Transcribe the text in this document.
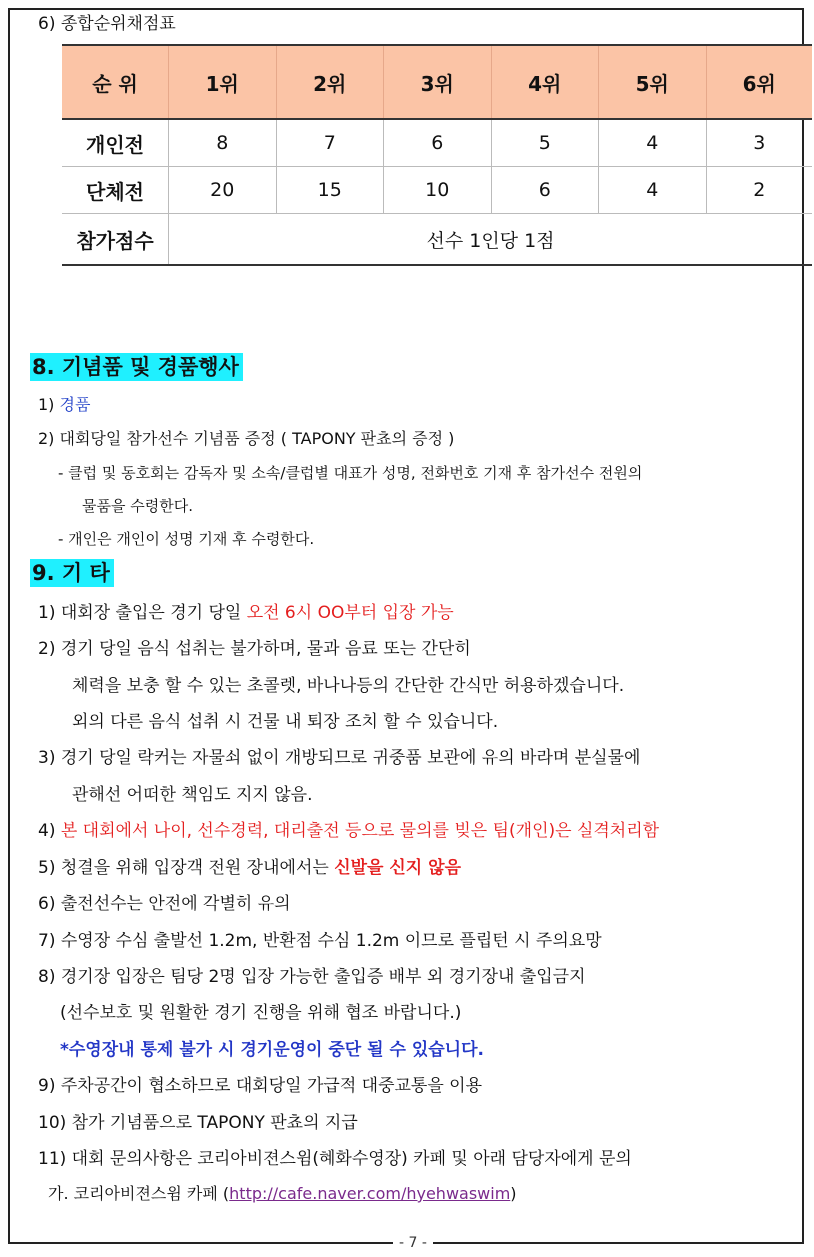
6) 종합순위채점표
순 위	1위	2위	3위	4위	5위	6위
개인전	8	7	6	5	4	3
단체전	20	15	10	6	4	2
참가점수	선수 1인당 1점					
8. 기념품 및 경품행사
1) 경품
2) 대회당일 참가선수 기념품 증정 ( TAPONY 판쵸의 증정 )
- 클럽 및 동호회는 감독자 및 소속/클럽별 대표가 성명, 전화번호 기재 후 참가선수 전원의
물품을 수령한다.
- 개인은 개인이 성명 기재 후 수령한다.
9. 기 타
1) 대회장 출입은 경기 당일 오전 6시 OO부터 입장 가능
2) 경기 당일 음식 섭취는 불가하며, 물과 음료 또는 간단히
체력을 보충 할 수 있는 초콜렛, 바나나등의 간단한 간식만 허용하겠습니다.
외의 다른 음식 섭취 시 건물 내 퇴장 조치 할 수 있습니다.
3) 경기 당일 락커는 자물쇠 없이 개방되므로 귀중품 보관에 유의 바라며 분실물에
관해선 어떠한 책임도 지지 않음.
4) 본 대회에서 나이, 선수경력, 대리출전 등으로 물의를 빚은 팀(개인)은 실격처리함
5) 청결을 위해 입장객 전원 장내에서는 신발을 신지 않음
6) 출전선수는 안전에 각별히 유의
7) 수영장 수심 출발선 1.2m, 반환점 수심 1.2m 이므로 플립턴 시 주의요망
8) 경기장 입장은 팀당 2명 입장 가능한 출입증 배부 외 경기장내 출입금지
(선수보호 및 원활한 경기 진행을 위해 협조 바랍니다.)
*수영장내 통제 불가 시 경기운영이 중단 될 수 있습니다.
9) 주차공간이 협소하므로 대회당일 가급적 대중교통을 이용
10) 참가 기념품으로 TAPONY 판쵸의 지급
11) 대회 문의사항은 코리아비젼스윔(혜화수영장) 카페 및 아래 담당자에게 문의
가. 코리아비젼스윔 카페 (http://cafe.naver.com/hyehwaswim)
- 7 -
